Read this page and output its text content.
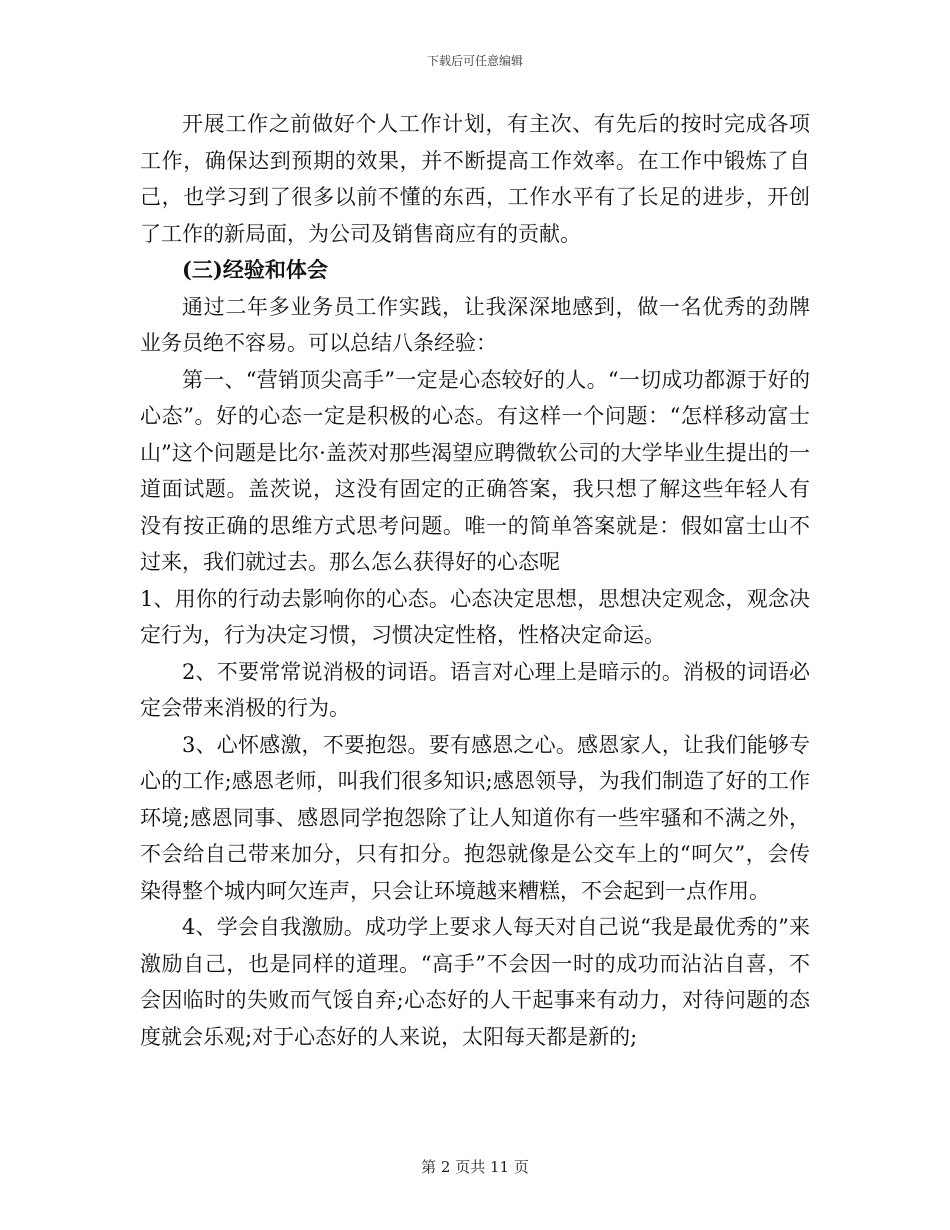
下载后可任意编辑

开展工作之前做好个人工作计划，有主次、有先后的按时完成各项工作，确保达到预期的效果，并不断提高工作效率。在工作中锻炼了自己，也学习到了很多以前不懂的东西，工作水平有了长足的进步，开创了工作的新局面，为公司及销售商应有的贡献。

(三)经验和体会

通过二年多业务员工作实践，让我深深地感到，做一名优秀的劲牌业务员绝不容易。可以总结八条经验：

第一、“营销顶尖高手”一定是心态较好的人。“一切成功都源于好的心态”。好的心态一定是积极的心态。有这样一个问题：“怎样移动富士山”这个问题是比尔·盖茨对那些渴望应聘微软公司的大学毕业生提出的一道面试题。盖茨说，这没有固定的正确答案，我只想了解这些年轻人有没有按正确的思维方式思考问题。唯一的简单答案就是：假如富士山不过来，我们就过去。那么怎么获得好的心态呢

1、用你的行动去影响你的心态。心态决定思想，思想决定观念，观念决定行为，行为决定习惯，习惯决定性格，性格决定命运。

2、不要常常说消极的词语。语言对心理上是暗示的。消极的词语必定会带来消极的行为。

3、心怀感激，不要抱怨。要有感恩之心。感恩家人，让我们能够专心的工作;感恩老师，叫我们很多知识;感恩领导，为我们制造了好的工作环境;感恩同事、感恩同学抱怨除了让人知道你有一些牢骚和不满之外，不会给自己带来加分，只有扣分。抱怨就像是公交车上的“呵欠”，会传染得整个城内呵欠连声，只会让环境越来糟糕，不会起到一点作用。

4、学会自我激励。成功学上要求人每天对自己说“我是最优秀的”来激励自己，也是同样的道理。“高手”不会因一时的成功而沾沾自喜，不会因临时的失败而气馁自弃;心态好的人干起事来有动力，对待问题的态度就会乐观;对于心态好的人来说，太阳每天都是新的;

第 2 页共 11 页
